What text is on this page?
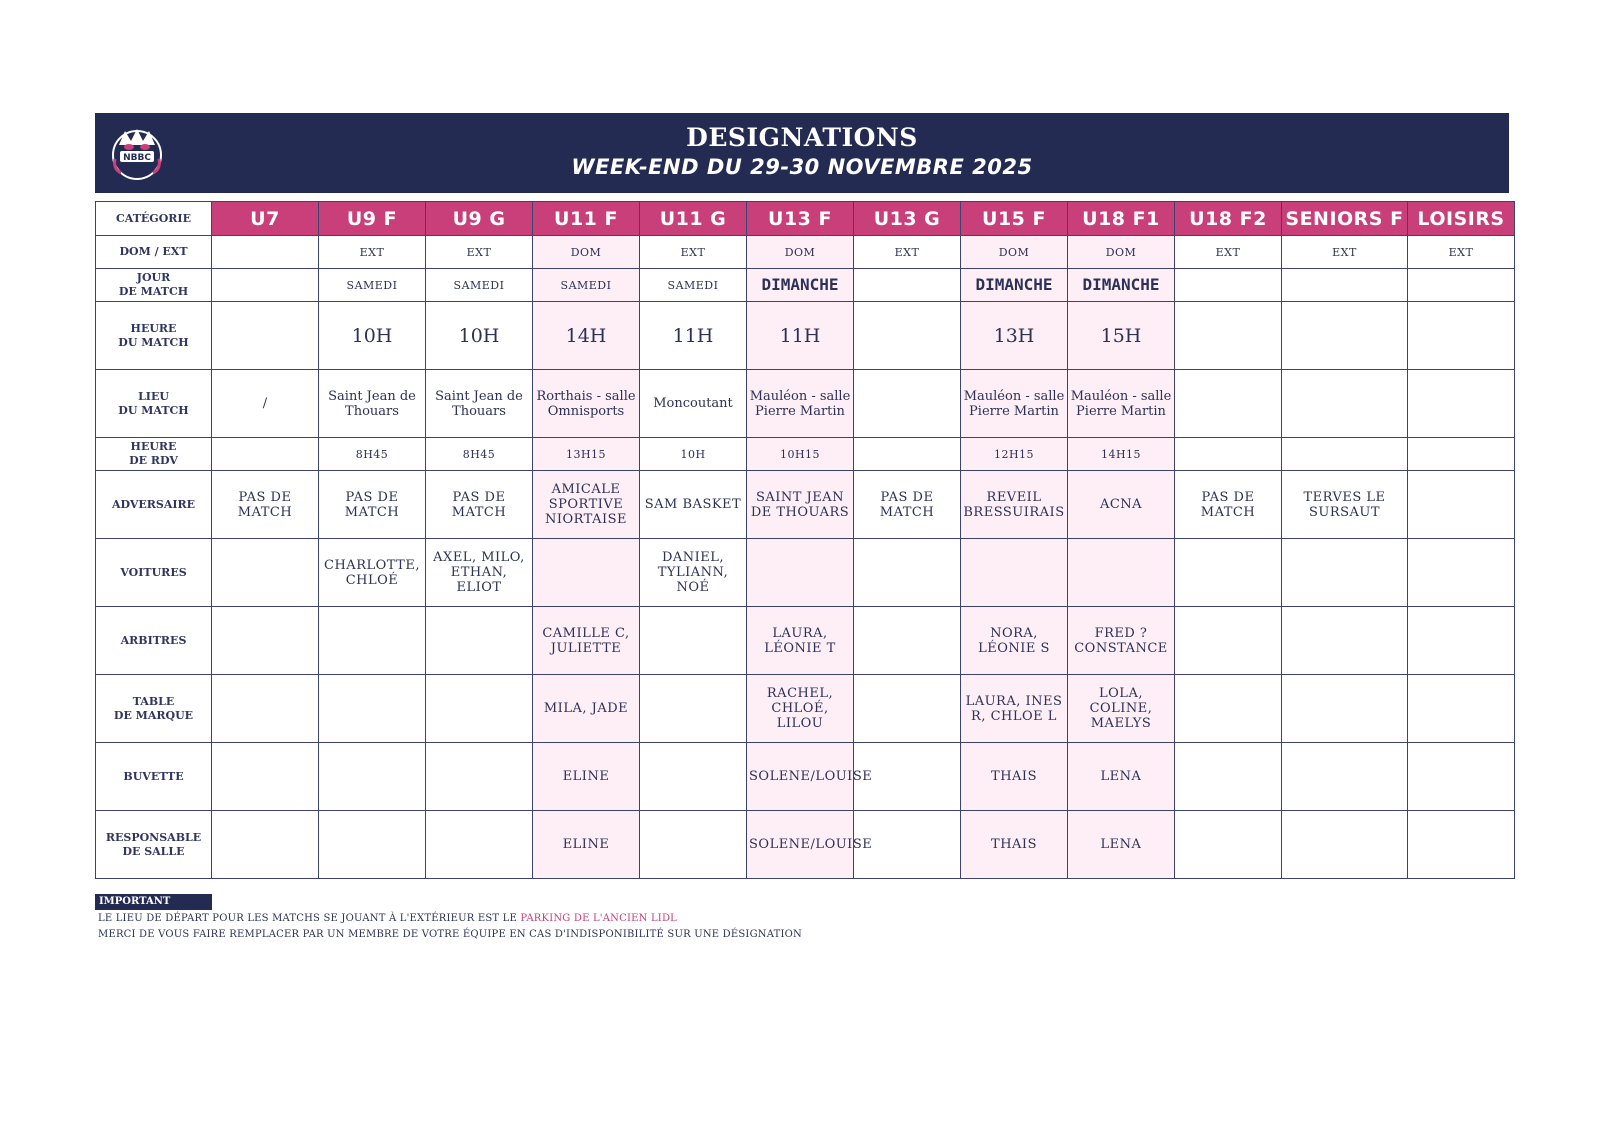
NBBC
DESIGNATIONS
WEEK-END DU 29-30 NOVEMBRE 2025
CATÉGORIE	U7	U9 F	U9 G	U11 F	U11 G	U13 F	U13 G	U15 F	U18 F1	U18 F2	SENIORS F	LOISIRS
DOM / EXT		EXT	EXT	DOM	EXT	DOM	EXT	DOM	DOM	EXT	EXT	EXT
JOUR
DE MATCH		SAMEDI	SAMEDI	SAMEDI	SAMEDI	DIMANCHE		DIMANCHE	DIMANCHE			
HEURE
DU MATCH		10H	10H	14H	11H	11H		13H	15H			
LIEU
DU MATCH	/	Saint Jean de Thouars	Saint Jean de Thouars	Rorthais - salle Omnisports	Moncoutant	Mauléon - salle Pierre Martin		Mauléon - salle Pierre Martin	Mauléon - salle Pierre Martin			
HEURE
DE RDV		8H45	8H45	13H15	10H	10H15		12H15	14H15			
ADVERSAIRE	PAS DE MATCH	PAS DE MATCH	PAS DE MATCH	AMICALE SPORTIVE NIORTAISE	SAM BASKET	SAINT JEAN DE THOUARS	PAS DE MATCH	REVEIL BRESSUIRAIS	ACNA	PAS DE MATCH	TERVES LE SURSAUT	
VOITURES		CHARLOTTE, CHLOÉ	AXEL, MILO, ETHAN, ELIOT		DANIEL, TYLIANN, NOÉ							
ARBITRES				CAMILLE C, JULIETTE		LAURA, LÉONIE T		NORA, LÉONIE S	FRED ? CONSTANCE			
TABLE
DE MARQUE				MILA, JADE		RACHEL, CHLOÉ, LILOU		LAURA, INES R, CHLOE L	LOLA, COLINE, MAELYS			
BUVETTE				ELINE		SOLENE/LOUISE		THAIS	LENA			
RESPONSABLE
DE SALLE				ELINE		SOLENE/LOUISE		THAIS	LENA			
IMPORTANT
LE LIEU DE DÉPART POUR LES MATCHS SE JOUANT À L'EXTÉRIEUR EST LE PARKING DE L'ANCIEN LIDL
MERCI DE VOUS FAIRE REMPLACER PAR UN MEMBRE DE VOTRE ÉQUIPE EN CAS D'INDISPONIBILITÉ SUR UNE DÉSIGNATION
